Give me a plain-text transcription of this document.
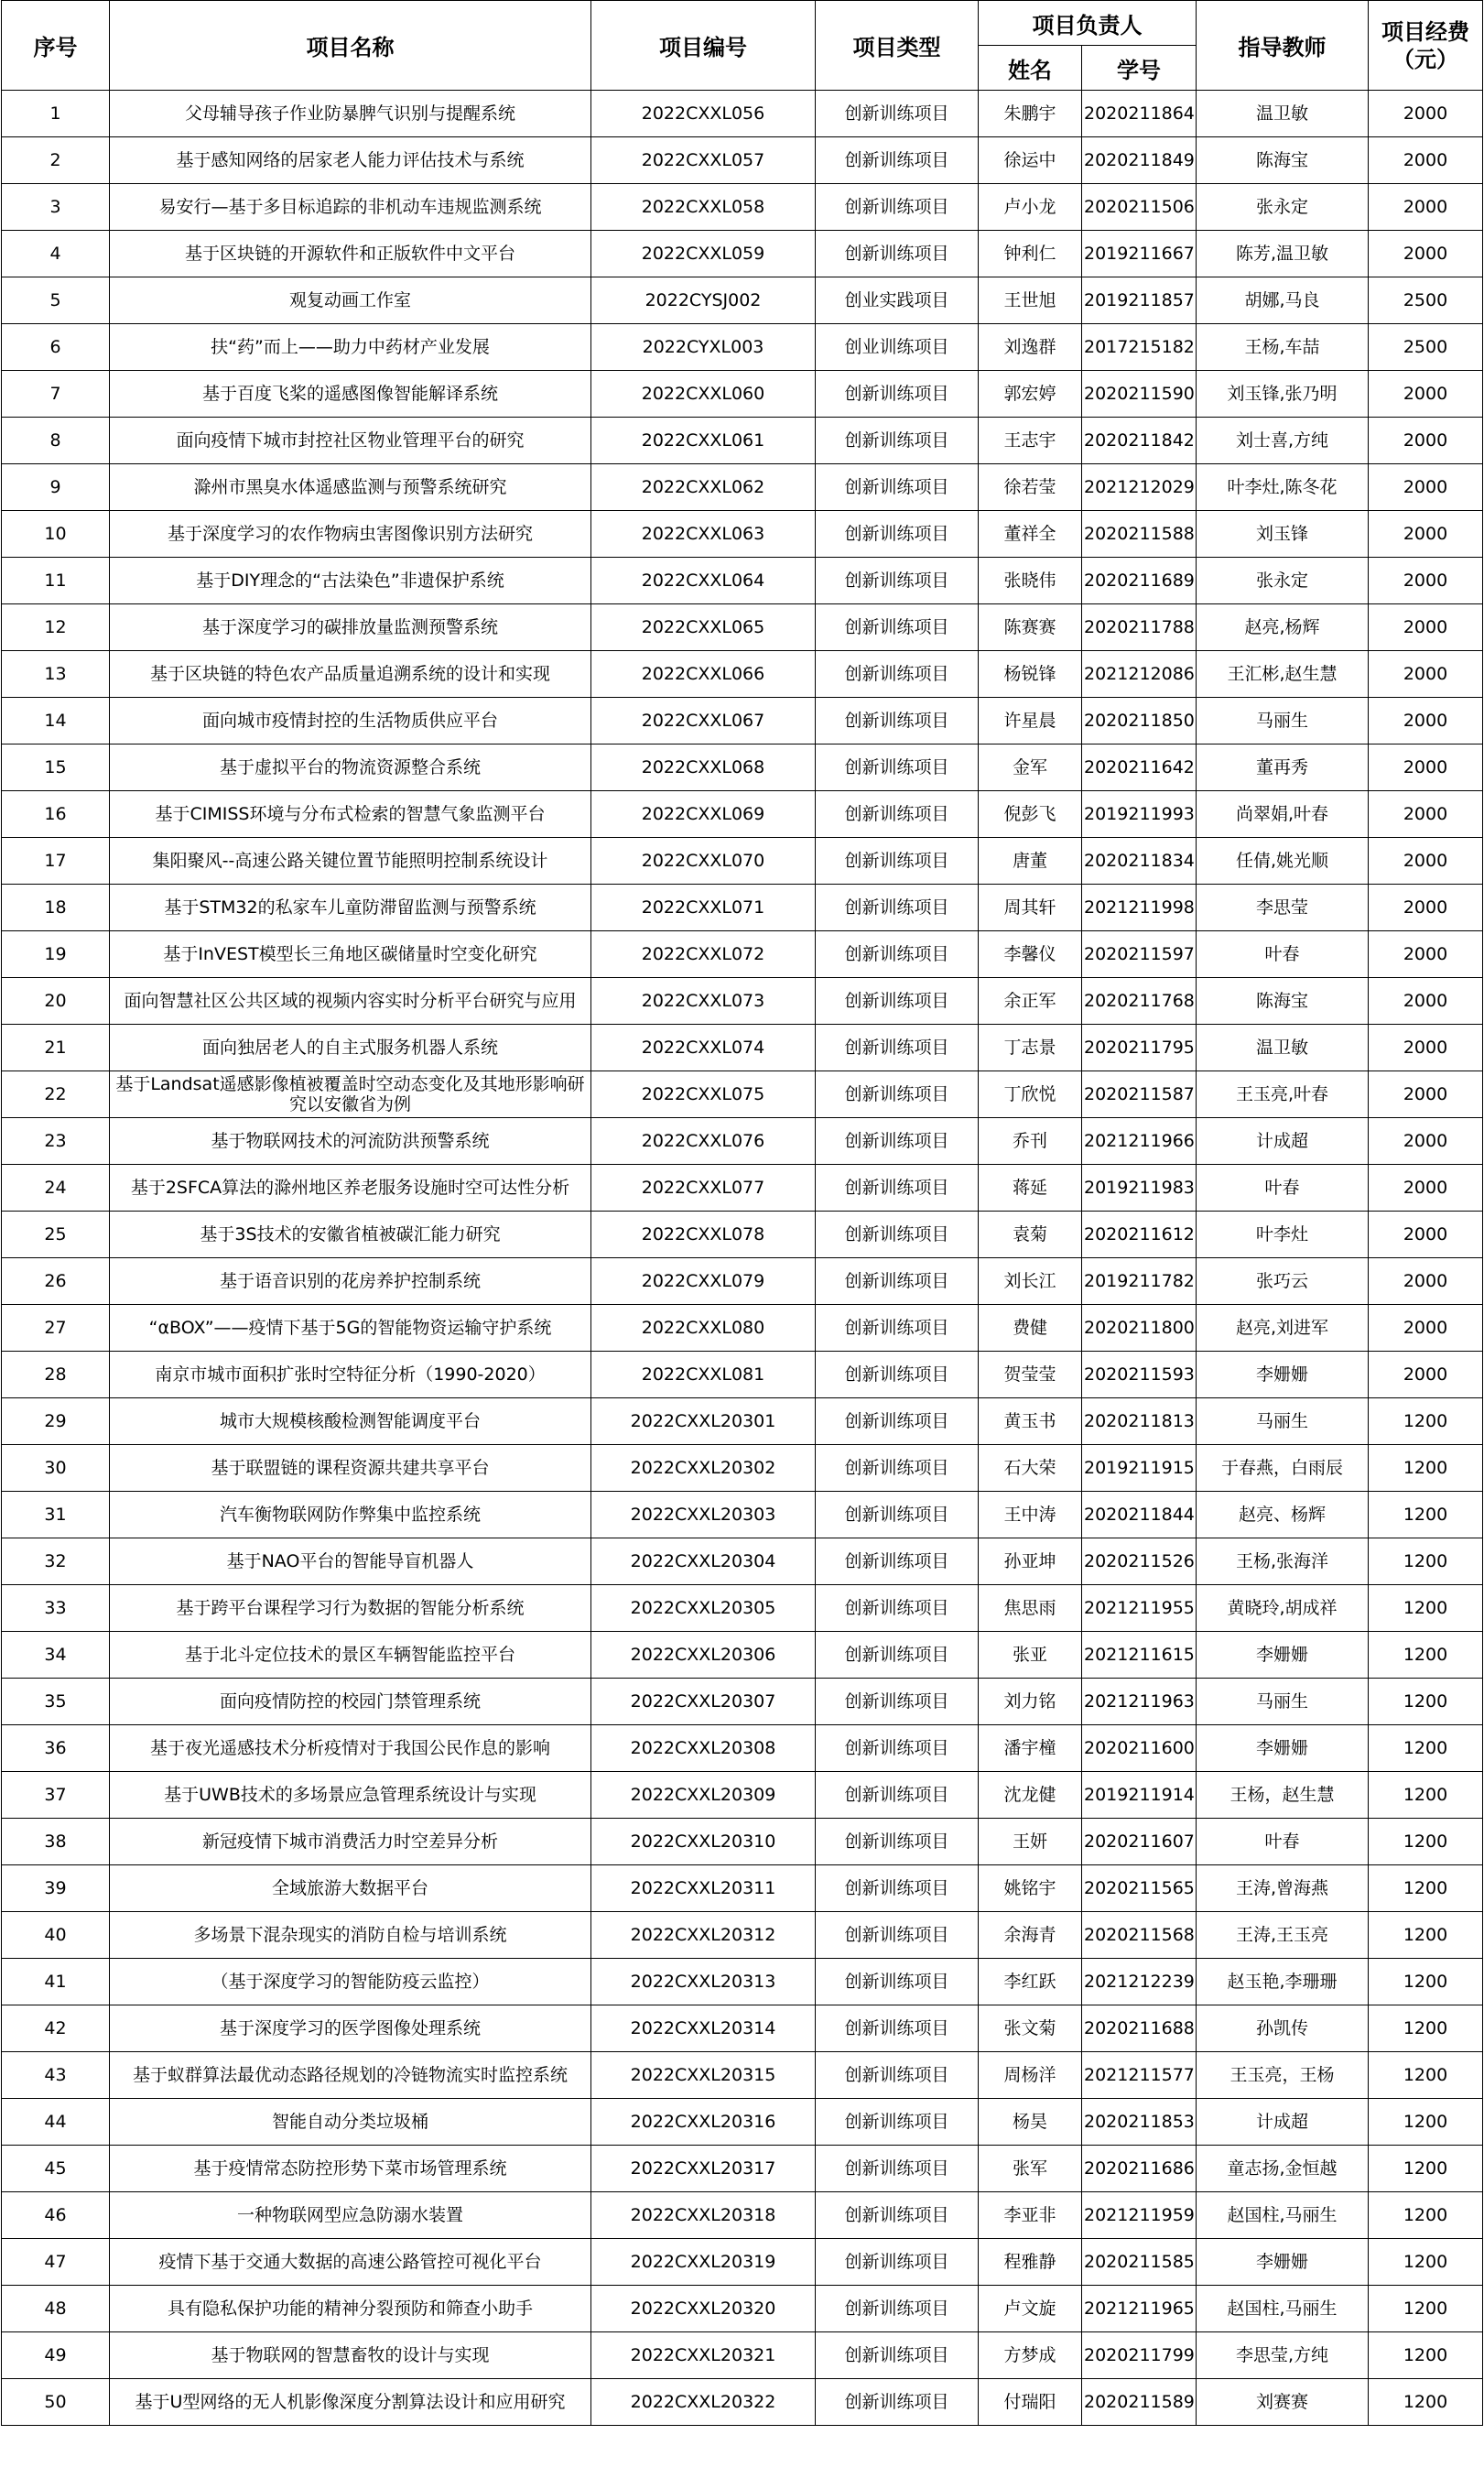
序号	项目名称	项目编号	项目类型	项目负责人		指导教师	项目经费（元）
				姓名	学号		
1	父母辅导孩子作业防暴脾气识别与提醒系统	2022CXXL056	创新训练项目	朱鹏宇	2020211864	温卫敏	2000
2	基于感知网络的居家老人能力评估技术与系统	2022CXXL057	创新训练项目	徐运中	2020211849	陈海宝	2000
3	易安行—基于多目标追踪的非机动车违规监测系统	2022CXXL058	创新训练项目	卢小龙	2020211506	张永定	2000
4	基于区块链的开源软件和正版软件中文平台	2022CXXL059	创新训练项目	钟利仁	2019211667	陈芳,温卫敏	2000
5	观复动画工作室	2022CYSJ002	创业实践项目	王世旭	2019211857	胡娜,马良	2500
6	扶“药”而上——助力中药材产业发展	2022CYXL003	创业训练项目	刘逸群	2017215182	王杨,车喆	2500
7	基于百度飞桨的遥感图像智能解译系统	2022CXXL060	创新训练项目	郭宏婷	2020211590	刘玉锋,张乃明	2000
8	面向疫情下城市封控社区物业管理平台的研究	2022CXXL061	创新训练项目	王志宇	2020211842	刘士喜,方纯	2000
9	滁州市黑臭水体遥感监测与预警系统研究	2022CXXL062	创新训练项目	徐若莹	2021212029	叶李灶,陈冬花	2000
10	基于深度学习的农作物病虫害图像识别方法研究	2022CXXL063	创新训练项目	董祥全	2020211588	刘玉锋	2000
11	基于DIY理念的“古法染色”非遗保护系统	2022CXXL064	创新训练项目	张晓伟	2020211689	张永定	2000
12	基于深度学习的碳排放量监测预警系统	2022CXXL065	创新训练项目	陈赛赛	2020211788	赵亮,杨辉	2000
13	基于区块链的特色农产品质量追溯系统的设计和实现	2022CXXL066	创新训练项目	杨锐锋	2021212086	王汇彬,赵生慧	2000
14	面向城市疫情封控的生活物质供应平台	2022CXXL067	创新训练项目	许星晨	2020211850	马丽生	2000
15	基于虚拟平台的物流资源整合系统	2022CXXL068	创新训练项目	金军	2020211642	董再秀	2000
16	基于CIMISS环境与分布式检索的智慧气象监测平台	2022CXXL069	创新训练项目	倪彭飞	2019211993	尚翠娟,叶春	2000
17	集阳聚风--高速公路关键位置节能照明控制系统设计	2022CXXL070	创新训练项目	唐董	2020211834	任倩,姚光顺	2000
18	基于STM32的私家车儿童防滞留监测与预警系统	2022CXXL071	创新训练项目	周其轩	2021211998	李思莹	2000
19	基于InVEST模型长三角地区碳储量时空变化研究	2022CXXL072	创新训练项目	李馨仪	2020211597	叶春	2000
20	面向智慧社区公共区域的视频内容实时分析平台研究与应用	2022CXXL073	创新训练项目	余正军	2020211768	陈海宝	2000
21	面向独居老人的自主式服务机器人系统	2022CXXL074	创新训练项目	丁志景	2020211795	温卫敏	2000
22	基于Landsat遥感影像植被覆盖时空动态变化及其地形影响研究以安徽省为例	2022CXXL075	创新训练项目	丁欣悦	2020211587	王玉亮,叶春	2000
23	基于物联网技术的河流防洪预警系统	2022CXXL076	创新训练项目	乔刊	2021211966	计成超	2000
24	基于2SFCA算法的滁州地区养老服务设施时空可达性分析	2022CXXL077	创新训练项目	蒋延	2019211983	叶春	2000
25	基于3S技术的安徽省植被碳汇能力研究	2022CXXL078	创新训练项目	袁菊	2020211612	叶李灶	2000
26	基于语音识别的花房养护控制系统	2022CXXL079	创新训练项目	刘长江	2019211782	张巧云	2000
27	“αBOX”——疫情下基于5G的智能物资运输守护系统	2022CXXL080	创新训练项目	费健	2020211800	赵亮,刘进军	2000
28	南京市城市面积扩张时空特征分析（1990-2020）	2022CXXL081	创新训练项目	贺莹莹	2020211593	李姗姗	2000
29	城市大规模核酸检测智能调度平台	2022CXXL20301	创新训练项目	黄玉书	2020211813	马丽生	1200
30	基于联盟链的课程资源共建共享平台	2022CXXL20302	创新训练项目	石大荣	2019211915	于春燕，白雨辰	1200
31	汽车衡物联网防作弊集中监控系统	2022CXXL20303	创新训练项目	王中涛	2020211844	赵亮、杨辉	1200
32	基于NAO平台的智能导盲机器人	2022CXXL20304	创新训练项目	孙亚坤	2020211526	王杨,张海洋	1200
33	基于跨平台课程学习行为数据的智能分析系统	2022CXXL20305	创新训练项目	焦思雨	2021211955	黄晓玲,胡成祥	1200
34	基于北斗定位技术的景区车辆智能监控平台	2022CXXL20306	创新训练项目	张亚	2021211615	李姗姗	1200
35	面向疫情防控的校园门禁管理系统	2022CXXL20307	创新训练项目	刘力铭	2021211963	马丽生	1200
36	基于夜光遥感技术分析疫情对于我国公民作息的影响	2022CXXL20308	创新训练项目	潘宇橦	2020211600	李姗姗	1200
37	基于UWB技术的多场景应急管理系统设计与实现	2022CXXL20309	创新训练项目	沈龙健	2019211914	王杨，赵生慧	1200
38	新冠疫情下城市消费活力时空差异分析	2022CXXL20310	创新训练项目	王妍	2020211607	叶春	1200
39	全域旅游大数据平台	2022CXXL20311	创新训练项目	姚铭宇	2020211565	王涛,曾海燕	1200
40	多场景下混杂现实的消防自检与培训系统	2022CXXL20312	创新训练项目	余海青	2020211568	王涛,王玉亮	1200
41	（基于深度学习的智能防疫云监控）	2022CXXL20313	创新训练项目	李红跃	2021212239	赵玉艳,李珊珊	1200
42	基于深度学习的医学图像处理系统	2022CXXL20314	创新训练项目	张文菊	2020211688	孙凯传	1200
43	基于蚁群算法最优动态路径规划的冷链物流实时监控系统	2022CXXL20315	创新训练项目	周杨洋	2021211577	王玉亮，王杨	1200
44	智能自动分类垃圾桶	2022CXXL20316	创新训练项目	杨昊	2020211853	计成超	1200
45	基于疫情常态防控形势下菜市场管理系统	2022CXXL20317	创新训练项目	张军	2020211686	童志扬,金恒越	1200
46	一种物联网型应急防溺水装置	2022CXXL20318	创新训练项目	李亚非	2021211959	赵国柱,马丽生	1200
47	疫情下基于交通大数据的高速公路管控可视化平台	2022CXXL20319	创新训练项目	程雅静	2020211585	李姗姗	1200
48	具有隐私保护功能的精神分裂预防和筛查小助手	2022CXXL20320	创新训练项目	卢文旋	2021211965	赵国柱,马丽生	1200
49	基于物联网的智慧畜牧的设计与实现	2022CXXL20321	创新训练项目	方梦成	2020211799	李思莹,方纯	1200
50	基于U型网络的无人机影像深度分割算法设计和应用研究	2022CXXL20322	创新训练项目	付瑞阳	2020211589	刘赛赛	1200
